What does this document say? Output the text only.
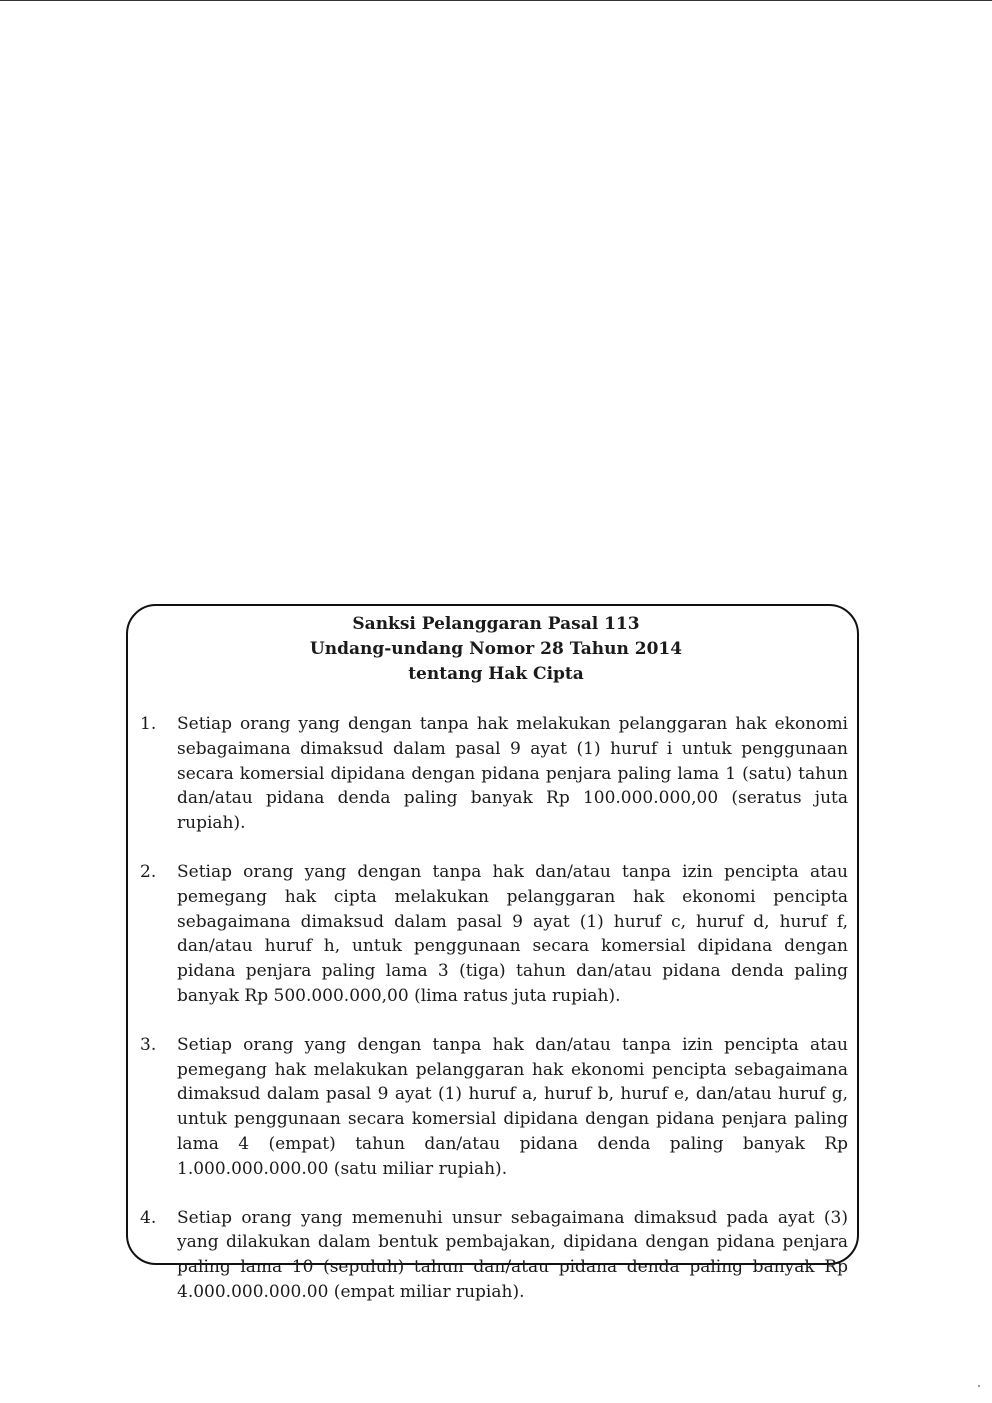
Sanksi Pelanggaran Pasal 113
Undang-undang Nomor 28 Tahun 2014
tentang Hak Cipta
1. Setiap orang yang dengan tanpa hak melakukan pelanggaran hak ekonomi sebagaimana dimaksud dalam pasal 9 ayat (1) huruf i untuk penggunaan secara komersial dipidana dengan pidana penjara paling lama 1 (satu) tahun dan/atau pidana denda paling banyak Rp 100.000.000,00 (seratus juta rupiah).
2. Setiap orang yang dengan tanpa hak dan/atau tanpa izin pencipta atau pemegang hak cipta melakukan pelanggaran hak ekonomi pencipta sebagaimana dimaksud dalam pasal 9 ayat (1) huruf c, huruf d, huruf f, dan/atau huruf h, untuk penggunaan secara komersial dipidana dengan pidana penjara paling lama 3 (tiga) tahun dan/atau pidana denda paling banyak Rp 500.000.000,00 (lima ratus juta rupiah).
3. Setiap orang yang dengan tanpa hak dan/atau tanpa izin pencipta atau pemegang hak melakukan pelanggaran hak ekonomi pencipta sebagaimana dimaksud dalam pasal 9 ayat (1) huruf a, huruf b, huruf e, dan/atau huruf g, untuk penggunaan secara komersial dipidana dengan pidana penjara paling lama 4 (empat) tahun dan/atau pidana denda paling banyak Rp 1.000.000.000.00 (satu miliar rupiah).
4. Setiap orang yang memenuhi unsur sebagaimana dimaksud pada ayat (3) yang dilakukan dalam bentuk pembajakan, dipidana dengan pidana penjara paling lama 10 (sepuluh) tahun dan/atau pidana denda paling banyak Rp 4.000.000.000.00 (empat miliar rupiah).
